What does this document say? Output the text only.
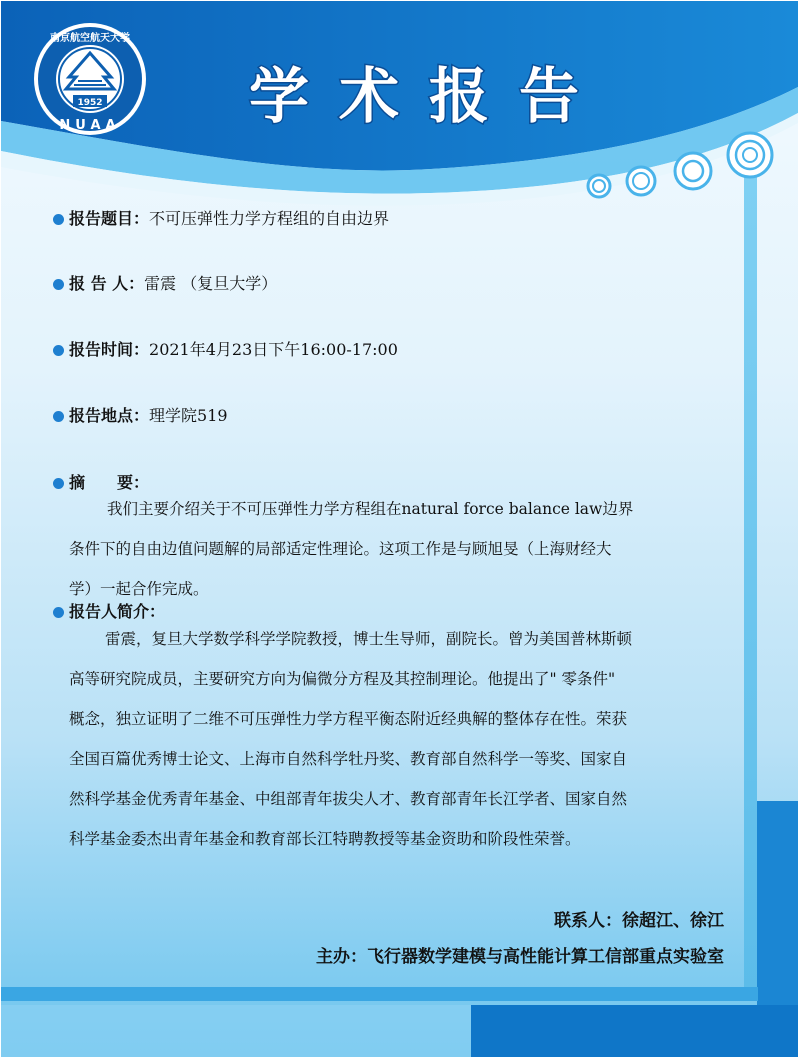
1952
NUAA
南京航空航天大学
学术报告
报告题目：不可压弹性力学方程组的自由边界
报 告 人：雷震 （复旦大学）
报告时间：2021年4月23日下午16:00-17:00
报告地点：理学院519
摘　　要：
我们主要介绍关于不可压弹性力学方程组在natural force balance law边界
条件下的自由边值问题解的局部适定性理论。这项工作是与顾旭旻（上海财经大
学）一起合作完成。
报告人简介：
雷震，复旦大学数学科学学院教授，博士生导师，副院长。曾为美国普林斯顿
高等研究院成员，主要研究方向为偏微分方程及其控制理论。他提出了" 零条件"
概念，独立证明了二维不可压弹性力学方程平衡态附近经典解的整体存在性。荣获
全国百篇优秀博士论文、上海市自然科学牡丹奖、教育部自然科学一等奖、国家自
然科学基金优秀青年基金、中组部青年拔尖人才、教育部青年长江学者、国家自然
科学基金委杰出青年基金和教育部长江特聘教授等基金资助和阶段性荣誉。
联系人：徐超江、徐江
主办：飞行器数学建模与高性能计算工信部重点实验室
